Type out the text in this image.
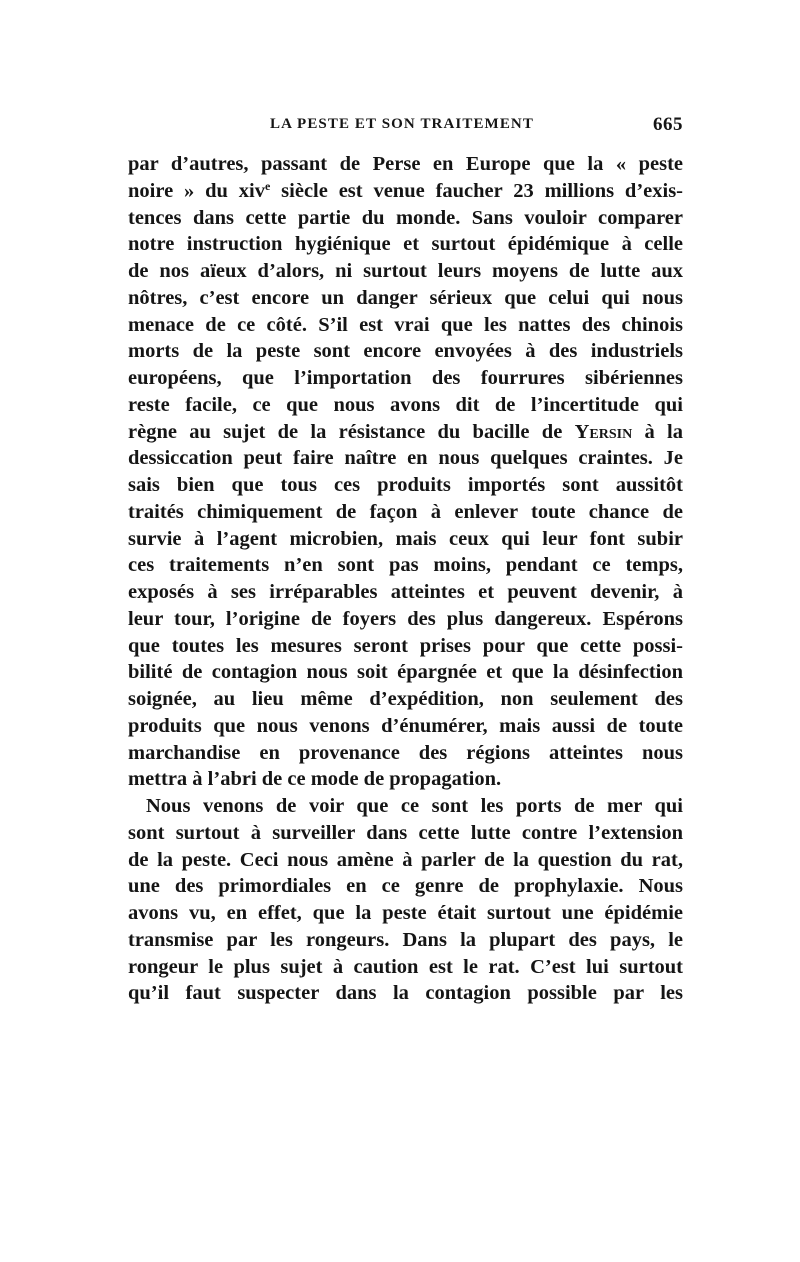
LA PESTE ET SON TRAITEMENT	665
par d’autres, passant de Perse en Europe que la « peste
noire » du xiv$^e$ siècle est venue faucher 23 millions d’exis-
tences dans cette partie du monde. Sans vouloir comparer
notre instruction hygiénique et surtout épidémique à celle
de nos aïeux d’alors, ni surtout leurs moyens de lutte aux
nôtres, c’est encore un danger sérieux que celui qui nous
menace de ce côté. S’il est vrai que les nattes des chinois
morts de la peste sont encore envoyées à des industriels
européens, que l’importation des fourrures sibériennes
reste facile, ce que nous avons dit de l’incertitude qui
règne au sujet de la résistance du bacille de Yersin à la
dessiccation peut faire naître en nous quelques craintes. Je
sais bien que tous ces produits importés sont aussitôt
traités chimiquement de façon à enlever toute chance de
survie à l’agent microbien, mais ceux qui leur font subir
ces traitements n’en sont pas moins, pendant ce temps,
exposés à ses irréparables atteintes et peuvent devenir, à
leur tour, l’origine de foyers des plus dangereux. Espérons
que toutes les mesures seront prises pour que cette possi-
bilité de contagion nous soit épargnée et que la désinfection
soignée, au lieu même d’expédition, non seulement des
produits que nous venons d’énumérer, mais aussi de toute
marchandise en provenance des régions atteintes nous
mettra à l’abri de ce mode de propagation.
Nous venons de voir que ce sont les ports de mer qui
sont surtout à surveiller dans cette lutte contre l’extension
de la peste. Ceci nous amène à parler de la question du rat,
une des primordiales en ce genre de prophylaxie. Nous
avons vu, en effet, que la peste était surtout une épidémie
transmise par les rongeurs. Dans la plupart des pays, le
rongeur le plus sujet à caution est le rat. C’est lui surtout
qu’il faut suspecter dans la contagion possible par les
